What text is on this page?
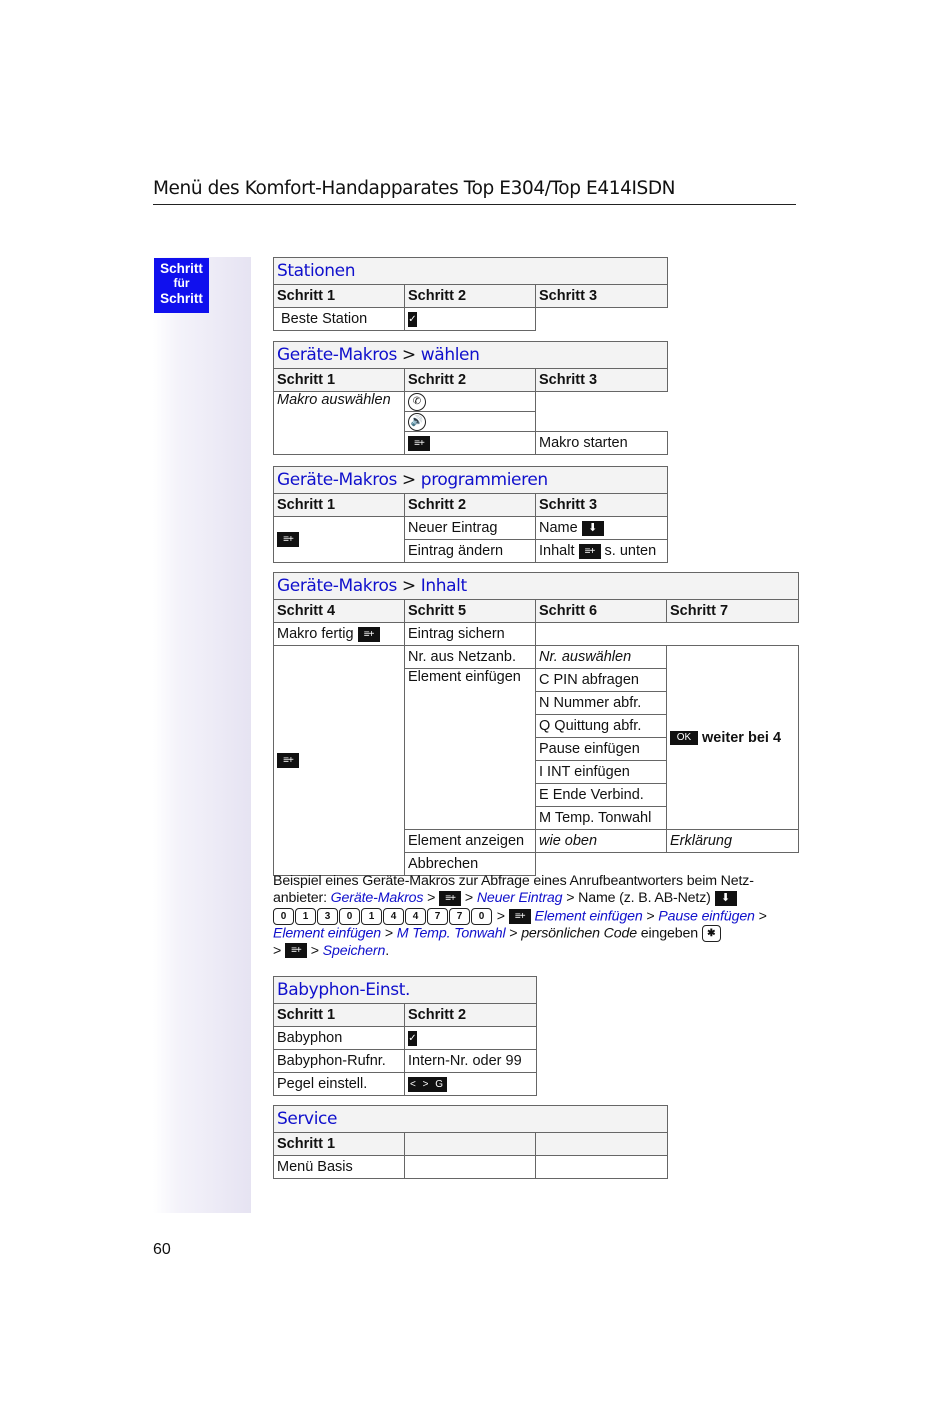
Menü des Komfort-Handapparates Top E304/Top E414ISDN
Schritt
für
Schritt
Stationen		
Schritt 1	Schritt 2	Schritt 3
Beste Station	✓	
Geräte-Makros > wählen		
Schritt 1	Schritt 2	Schritt 3
Makro auswählen	✆	
	🔊	
	≡+	Makro starten
Geräte-Makros > programmieren		
Schritt 1	Schritt 2	Schritt 3
≡+	Neuer Eintrag	Name ⬇
	Eintrag ändern	Inhalt ≡+ s. unten
Geräte-Makros > Inhalt			
Schritt 4	Schritt 5	Schritt 6	Schritt 7
Makro fertig ≡+	Eintrag sichern		
≡+	Nr. aus Netzanb.	Nr. auswählen	OK weiter bei 4
	Element einfügen	C PIN abfragen	
		N Nummer abfr.	
		Q Quittung abfr.	
		Pause einfügen	
		I INT einfügen	
		E Ende Verbind.	
		M Temp. Tonwahl	
	Element anzeigen	wie oben	Erklärung
	Abbrechen		
Beispiel eines Geräte-Makros zur Abfrage eines Anrufbeantworters beim Netz-anbieter: Geräte-Makros > ≡+ > Neuer Eintrag > Name (z. B. AB-Netz) ⬇
0 1 3 0 1 4 4 7 7 0 > ≡+ Element einfügen > Pause einfügen >
Element einfügen > M Temp. Tonwahl > persönlichen Code eingeben ✱
> ≡+ > Speichern.
Babyphon-Einst.	
Schritt 1	Schritt 2
Babyphon	✓
Babyphon-Rufnr.	Intern-Nr. oder 99
Pegel einstell.	< > G
Service		
Schritt 1		
Menü Basis		
60
